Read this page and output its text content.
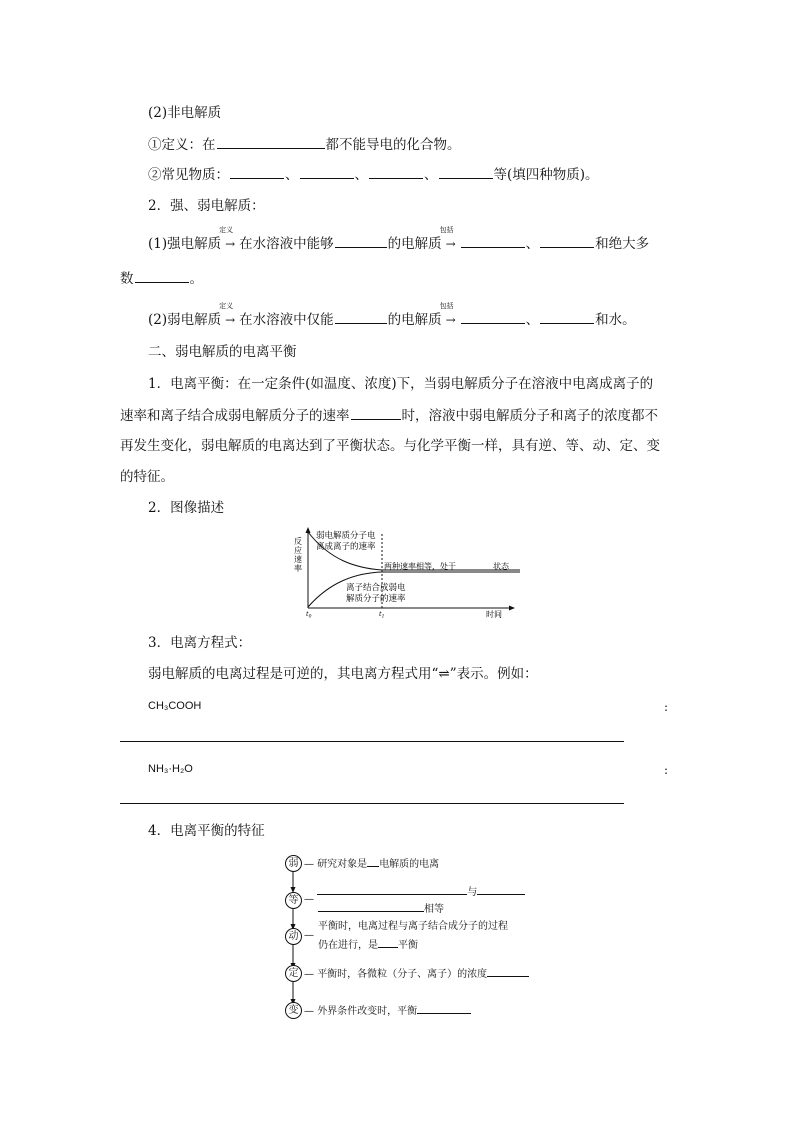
(2)非电解质
①定义：在	都不能导电的化合物。
②常见物质：	、	、	、	等(填四种物质)。
2．强、弱电解质：
(1)强电解质
定义
→ 在水溶液中能够	的电解质
包括
→	、	和绝大多
数	。
(2)弱电解质
定义
→ 在水溶液中仅能	的电解质
包括
→	、	和水。
二、弱电解质的电离平衡
1．电离平衡：在一定条件(如温度、浓度)下，当弱电解质分子在溶液中电离成离子的
速率和离子结合成弱电解质分子的速率	时，溶液中弱电解质分子和离子的浓度都不
再发生变化，弱电解质的电离达到了平衡状态。与化学平衡一样，具有逆、等、动、定、变
的特征。
2．图像描述
反
应
速
率
弱电解质分子电
离成离子的速率
离子结合成弱电
解质分子的速率
两种速率相等，处于	状态
$t_0$	$t_1$	时间
3．电离方程式：
弱电解质的电离过程是可逆的，其电离方程式用“⇌”表示。例如：
CH₃COOH	:
NH₃·H₂O	:
4．电离平衡的特征
弱 — 研究对象是 电解质的电离
等
与
—
相等
动 —
平衡时，电离过程与离子结合成分子的过程
仍在进行，是 平衡
定 — 平衡时，各微粒（分子、离子）的浓度
变 — 外界条件改变时，平衡
